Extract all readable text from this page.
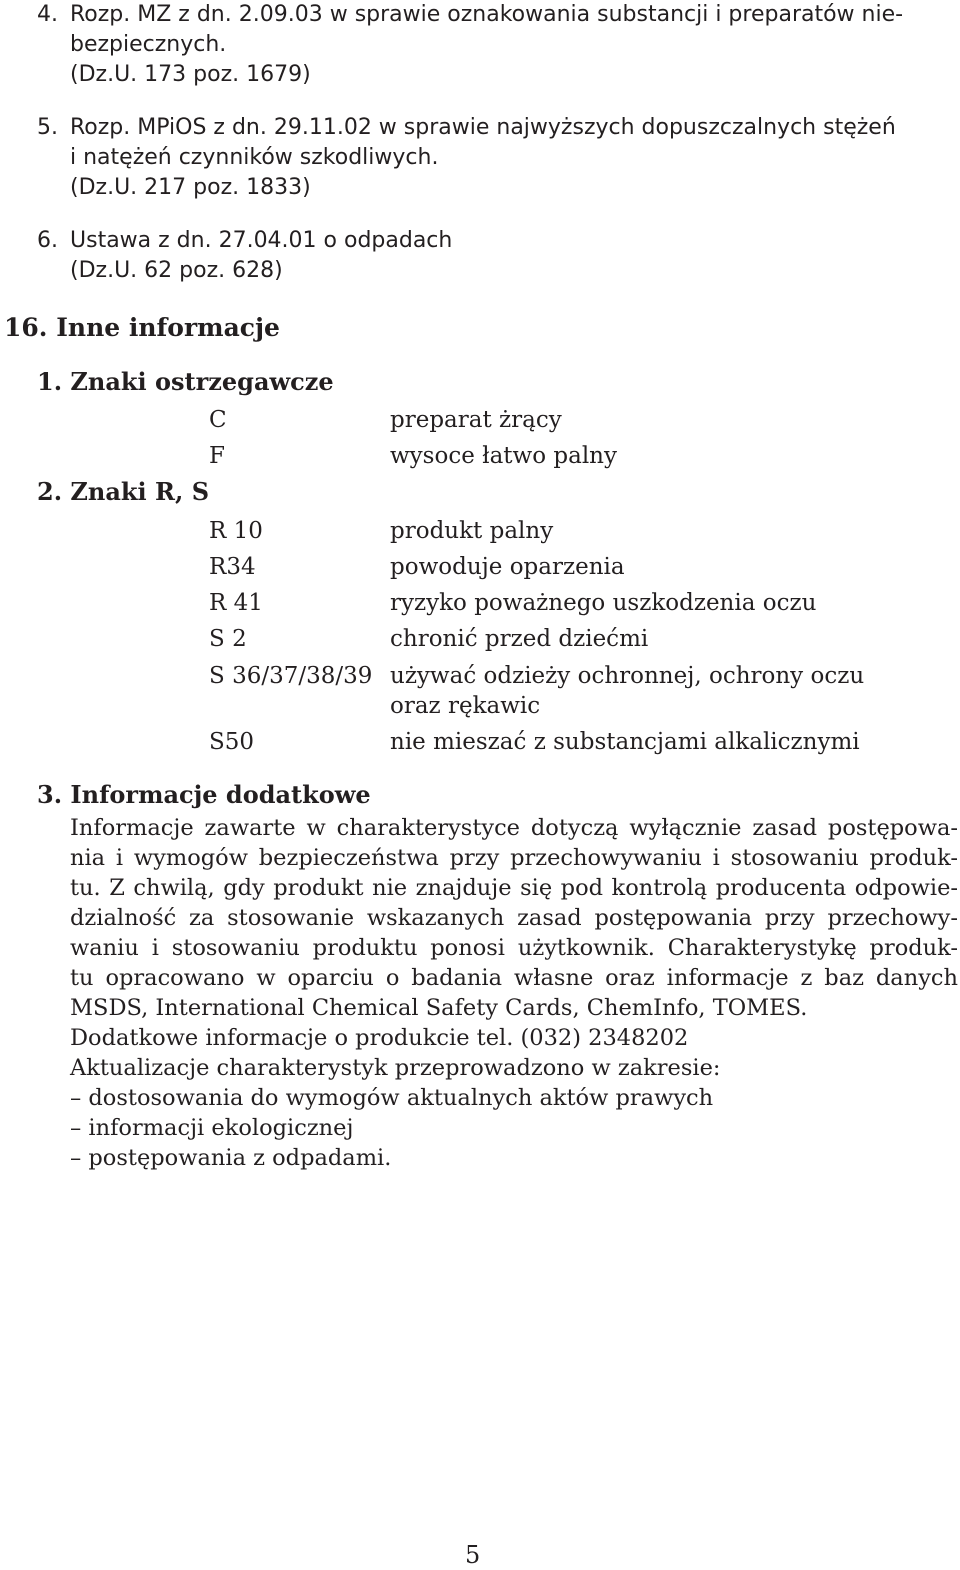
4. Rozp. MZ z dn. 2.09.03 w sprawie oznakowania substancji i preparatów nie-
bezpiecznych.
(Dz.U. 173 poz. 1679)
5. Rozp. MPiOS z dn. 29.11.02 w sprawie najwyższych dopuszczalnych stężeń
i natężeń czynników szkodliwych.
(Dz.U. 217 poz. 1833)
6. Ustawa z dn. 27.04.01 o odpadach
(Dz.U. 62 poz. 628)
16. Inne informacje
1. Znaki ostrzegawcze
C	preparat żrący
F	wysoce łatwo palny
2. Znaki R, S
R 10	produkt palny
R34	powoduje oparzenia
R 41	ryzyko poważnego uszkodzenia oczu
S 2	chronić przed dziećmi
S 36/37/38/39 używać odzieży ochronnej, ochrony oczu
oraz rękawic
S50	nie mieszać z substancjami alkalicznymi
3. Informacje dodatkowe
Informacje zawarte w charakterystyce dotyczą wyłącznie zasad postępowa-
nia i wymogów bezpieczeństwa przy przechowywaniu i stosowaniu produk-
tu. Z chwilą, gdy produkt nie znajduje się pod kontrolą producenta odpowie-
dzialność za stosowanie wskazanych zasad postępowania przy przechowy-
waniu i stosowaniu produktu ponosi użytkownik. Charakterystykę produk-
tu opracowano w oparciu o badania własne oraz informacje z baz danych
MSDS, International Chemical Safety Cards, ChemInfo, TOMES.
Dodatkowe informacje o produkcie tel. (032) 2348202
Aktualizacje charakterystyk przeprowadzono w zakresie:
– dostosowania do wymogów aktualnych aktów prawych
– informacji ekologicznej
– postępowania z odpadami.
5
